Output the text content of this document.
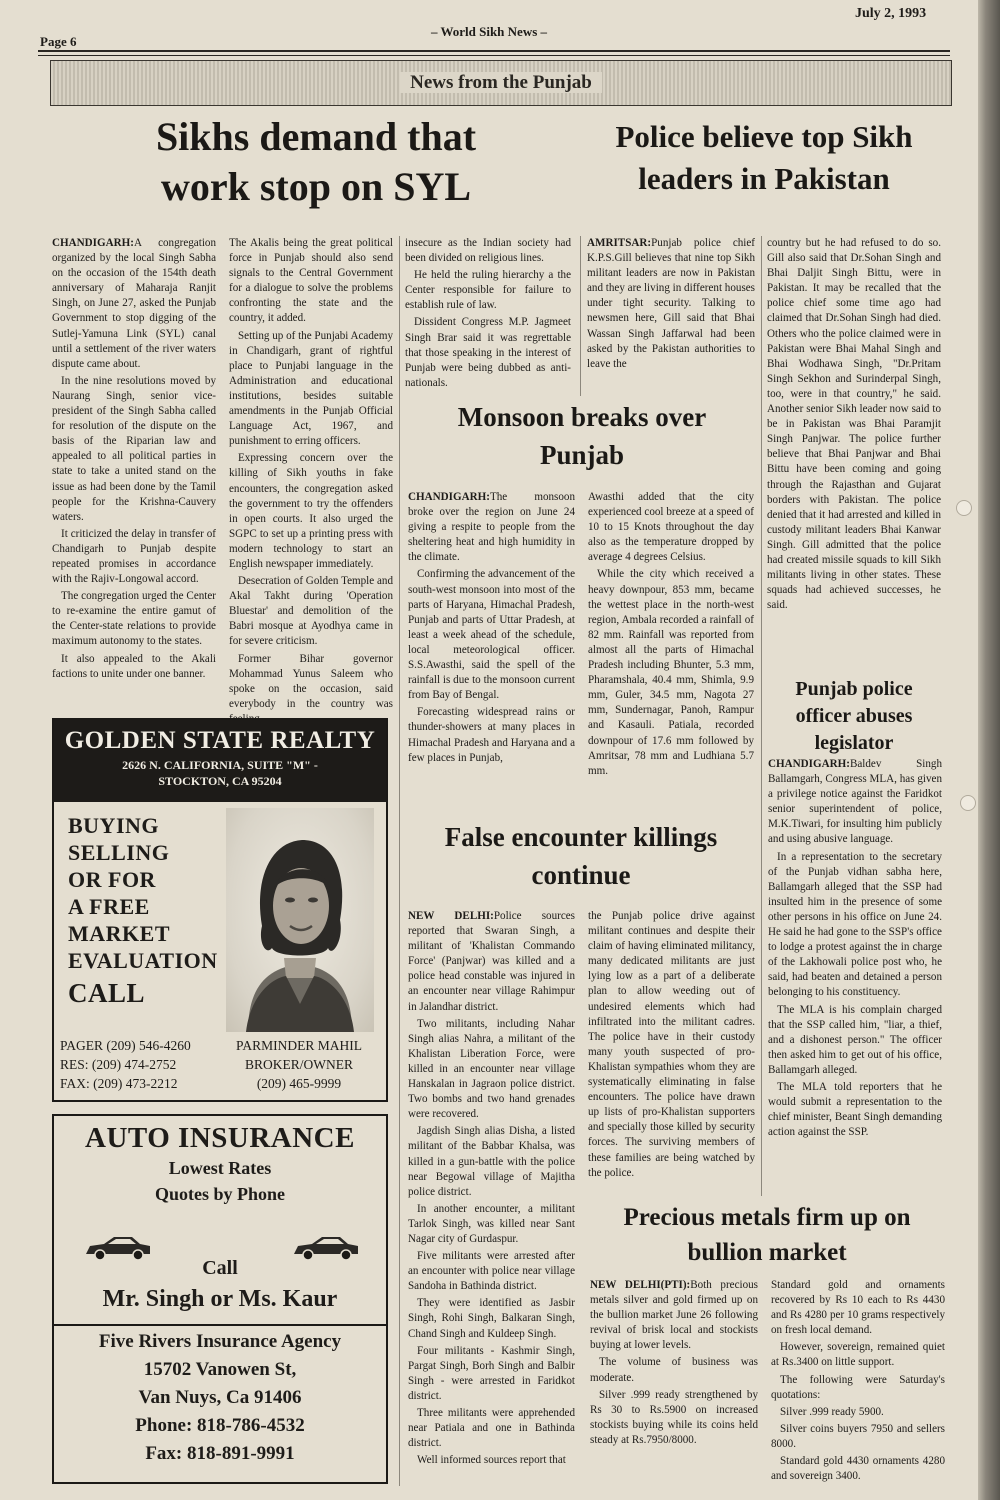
July 2, 1993
– World Sikh News –
Page 6
News from the Punjab
Sikhs demand that
work stop on SYL

CHANDIGARH:A congregation organized by the local Singh Sabha on the occasion of the 154th death anniversary of Maharaja Ranjit Singh, on June 27, asked the Punjab Government to stop digging of the Sutlej-Yamuna Link (SYL) canal until a settlement of the river waters dispute came about.

In the nine resolutions moved by Naurang Singh, senior vice-president of the Singh Sabha called for resolution of the dispute on the basis of the Riparian law and appealed to all political parties in state to take a united stand on the issue as had been done by the Tamil people for the Krishna-Cauvery waters.

It criticized the delay in transfer of Chandigarh to Punjab despite repeated promises in accordance with the Rajiv-Longowal accord.

The congregation urged the Center to re-examine the entire gamut of the Center-state relations to provide maximum autonomy to the states.

It also appealed to the Akali factions to unite under one banner.

The Akalis being the great political force in Punjab should also send signals to the Central Government for a dialogue to solve the problems confronting the state and the country, it added.

Setting up of the Punjabi Academy in Chandigarh, grant of rightful place to Punjabi language in the Administration and educational institutions, besides suitable amendments in the Punjab Official Language Act, 1967, and punishment to erring officers.

Expressing concern over the killing of Sikh youths in fake encounters, the congregation asked the government to try the offenders in open courts. It also urged the SGPC to set up a printing press with modern technology to start an English newspaper immediately.

Desecration of Golden Temple and Akal Takht during 'Operation Bluestar' and demolition of the Babri mosque at Ayodhya came in for severe criticism.

Former Bihar governor Mohammad Yunus Saleem who spoke on the occasion, said everybody in the country was

insecure as the Indian society had been divided on religious lines.

He held the ruling hierarchy a the Center responsible for failure to establish rule of law.

Dissident Congress M.P. Jagmeet Singh Brar said it was regrettable that those speaking in the interest of Punjab were being dubbed as anti-nationals.

Police believe top Sikh
leaders in Pakistan

AMRITSAR:Punjab police chief K.P.S.Gill believes that nine top Sikh militant leaders are now in Pakistan and they are living in different houses under tight security. Talking to newsmen here, Gill said that Bhai Wassan Singh Jaffarwal had been asked by the Pakistan authorities to leave the

country but he had refused to do so. Gill also said that Dr.Sohan Singh and Bhai Daljit Singh Bittu, were in Pakistan. It may be recalled that the police chief some time ago had claimed that Dr.Sohan Singh had died. Others who the police claimed were in Pakistan were Bhai Mahal Singh and Bhai Wodhawa Singh, "Dr.Pritam Singh Sekhon and Surinderpal Singh, too, were in that country," he said. Another senior Sikh leader now said to be in Pakistan was Bhai Paramjit Singh Panjwar. The police further believe that Bhai Panjwar and Bhai Bittu have been coming and going through the Rajasthan and Gujarat borders with Pakistan. The police denied that it had arrested and killed in custody militant leaders Bhai Kanwar Singh. Gill admitted that the police had created missile squads to kill Sikh militants living in other states. These squads had achieved successes, he said.

Monsoon breaks over
Punjab

CHANDIGARH:The monsoon broke over the region on June 24 giving a respite to people from the sheltering heat and high humidity in the climate.

Confirming the advancement of the south-west monsoon into most of the parts of Haryana, Himachal Pradesh, Punjab and parts of Uttar Pradesh, at least a week ahead of the schedule, local meteorological officer. S.S.Awasthi, said the spell of the rainfall is due to the monsoon current from Bay of Bengal.

Forecasting widespread rains or thunder-showers at many places in Himachal Pradesh and Haryana and a few places in Punjab,

Awasthi added that the city experienced cool breeze at a speed of 10 to 15 Knots throughout the day also as the temperature dropped by average 4 degrees Celsius.

While the city which received a heavy downpour, 853 mm, became the wettest place in the north-west region, Ambala recorded a rainfall of 82 mm. Rainfall was reported from almost all the parts of Himachal Pradesh including Bhunter, 5.3 mm, Pharamshala, 40.4 mm, Shimla, 9.9 mm, Guler, 34.5 mm, Nagota 27 mm, Sundernagar, Panoh, Rampur and Kasauli. Patiala, recorded downpour of 17.6 mm followed by Amritsar, 78 mm and Ludhiana 5.7 mm.

False encounter killings
continue

NEW DELHI:Police sources reported that Swaran Singh, a militant of 'Khalistan Commando Force' (Panjwar) was killed and a police head constable was injured in an encounter near village Rahimpur in Jalandhar district.

Two militants, including Nahar Singh alias Nahra, a militant of the Khalistan Liberation Force, were killed in an encounter near village Hanskalan in Jagraon police district. Two bombs and two hand grenades were recovered.

Jagdish Singh alias Disha, a listed militant of the Babbar Khalsa, was killed in a gun-battle with the police near Begowal village of Majitha police district.

In another encounter, a militant Tarlok Singh, was killed near Sant Nagar city of Gurdaspur.

Five militants were arrested after an encounter with police near village Sandoha in Bathinda district.

They were identified as Jasbir Singh, Rohi Singh, Balkaran Singh, Chand Singh and Kuldeep Singh.

Four militants - Kashmir Singh, Pargat Singh, Borh Singh and Balbir Singh - were arrested in Faridkot district.

Three militants were apprehended near Patiala and one in Bathinda district.

Well informed sources report that

the Punjab police drive against militant continues and despite their claim of having eliminated militancy, many dedicated militants are just lying low as a part of a deliberate plan to allow weeding out of undesired elements which had infiltrated into the militant cadres. The police have in their custody many youth suspected of pro-Khalistan sympathies whom they are systematically eliminating in false encounters. The police have drawn up lists of pro-Khalistan supporters and specially those killed by security forces. The surviving members of these families are being watched by the police.

Punjab police
officer abuses
legislator

CHANDIGARH:Baldev Singh Ballamgarh, Congress MLA, has given a privilege notice against the Faridkot senior superintendent of police, M.K.Tiwari, for insulting him publicly and using abusive language.

In a representation to the secretary of the Punjab vidhan sabha here, Ballamgarh alleged that the SSP had insulted him in the presence of some other persons in his office on June 24. He said he had gone to the SSP's office to lodge a protest against the in charge of the Lakhowali police post who, he said, had beaten and detained a person belonging to his constituency.

The MLA is his complain charged that the SSP called him, "liar, a thief, and a dishonest person." The officer then asked him to get out of his office, Ballamgarh alleged.

The MLA told reporters that he would submit a representation to the chief minister, Beant Singh demanding action against the SSP.

Precious metals firm up on
bullion market

NEW DELHI(PTI):Both precious metals silver and gold firmed up on the bullion market June 26 following revival of brisk local and stockists buying at lower levels.

The volume of business was moderate.

Silver .999 ready strengthened by Rs 30 to Rs.5900 on increased stockists buying while its coins held steady at Rs.7950/8000.

Standard gold and ornaments recovered by Rs 10 each to Rs 4430 and Rs 4280 per 10 grams respectively on fresh local demand.

However, sovereign, remained quiet at Rs.3400 on little support.

The following were Saturday's quotations:

Silver .999 ready 5900.

Silver coins buyers 7950 and sellers 8000.

Standard gold 4430 ornaments 4280 and sovereign 3400.

GOLDEN STATE REALTY
2626 N. CALIFORNIA, SUITE "M" -
STOCKTON, CA 95204
BUYING
SELLING
OR FOR
A FREE
MARKET
EVALUATION
CALL
PAGER (209) 546-4260
RES: (209) 474-2752
FAX: (209) 473-2212
PARMINDER MAHIL
BROKER/OWNER
(209) 465-9999
AUTO INSURANCE
Lowest Rates
Quotes by Phone
Call
Mr. Singh or Ms. Kaur
Five Rivers Insurance Agency
15702 Vanowen St,
Van Nuys, Ca 91406
Phone: 818-786-4532
Fax: 818-891-9991
